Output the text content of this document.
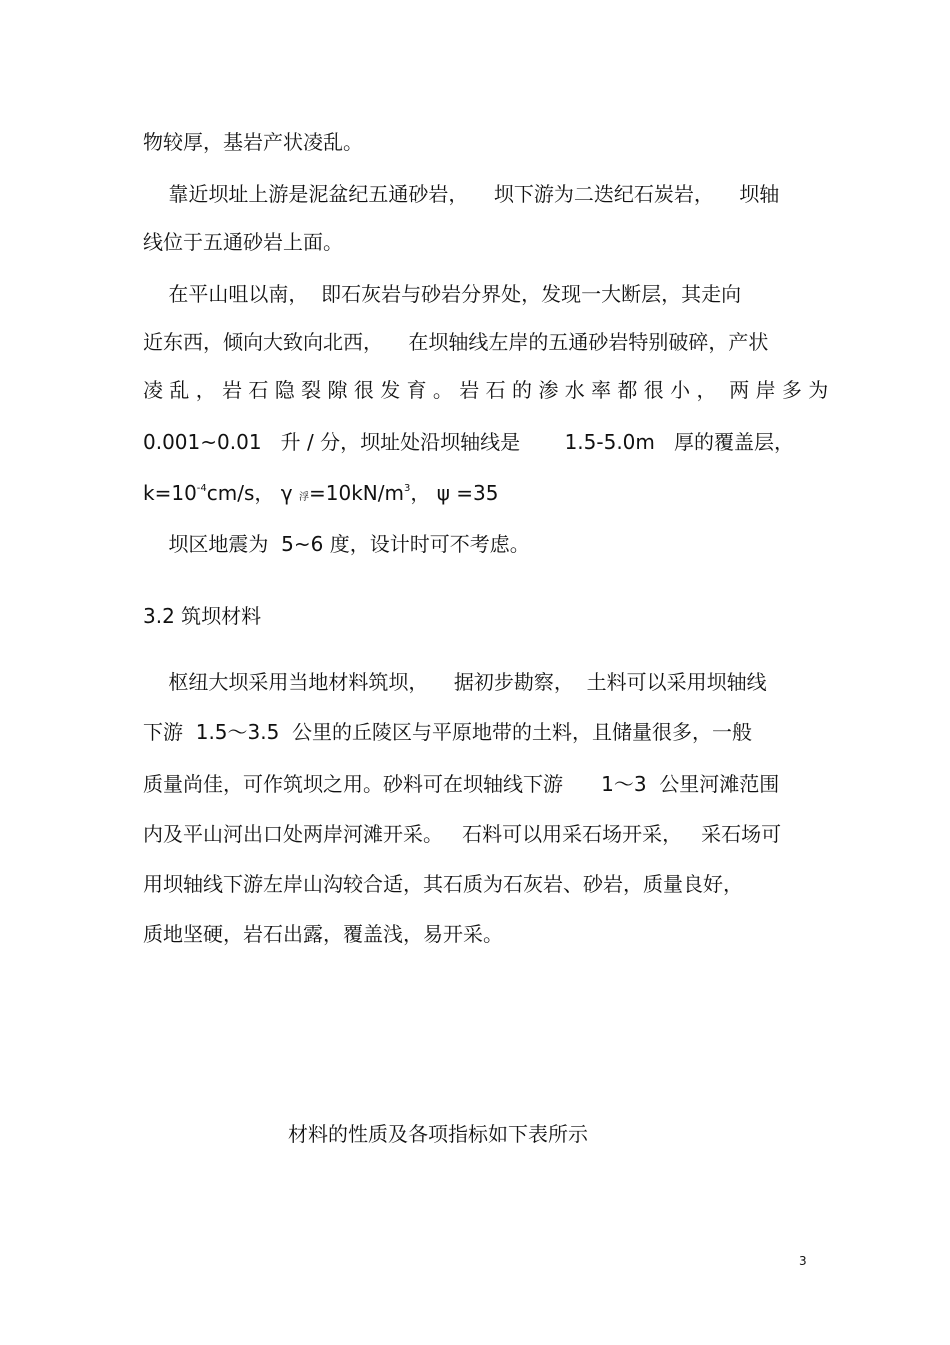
物较厚，基岩产状凌乱。
靠近坝址上游是泥盆纪五通砂岩，    坝下游为二迭纪石炭岩，    坝轴
线位于五通砂岩上面。
在平山咀以南，  即石灰岩与砂岩分界处，发现一大断层，其走向
近东西，倾向大致向北西，    在坝轴线左岸的五通砂岩特别破碎，产状
凌 乱 ， 岩 石 隐 裂 隙 很 发 育 。 岩 石 的 渗 水 率 都 很 小 ，  两 岸 多 为
0.001~0.01   升 / 分，坝址处沿坝轴线是       1.5-5.0m   厚的覆盖层，
$k=10^{-4}cm/s$， γ 浮$=10kN/m^3$， ψ =35
坝区地震为  5~6 度，设计时可不考虑。
3.2 筑坝材料
枢纽大坝采用当地材料筑坝，    据初步勘察，  土料可以采用坝轴线
下游  1.5～3.5  公里的丘陵区与平原地带的土料，且储量很多，一般
质量尚佳，可作筑坝之用。砂料可在坝轴线下游      1～3  公里河滩范围
内及平山河出口处两岸河滩开采。   石料可以用采石场开采，   采石场可
用坝轴线下游左岸山沟较合适，其石质为石灰岩、砂岩，质量良好，
质地坚硬，岩石出露，覆盖浅，易开采。
材料的性质及各项指标如下表所示
3
